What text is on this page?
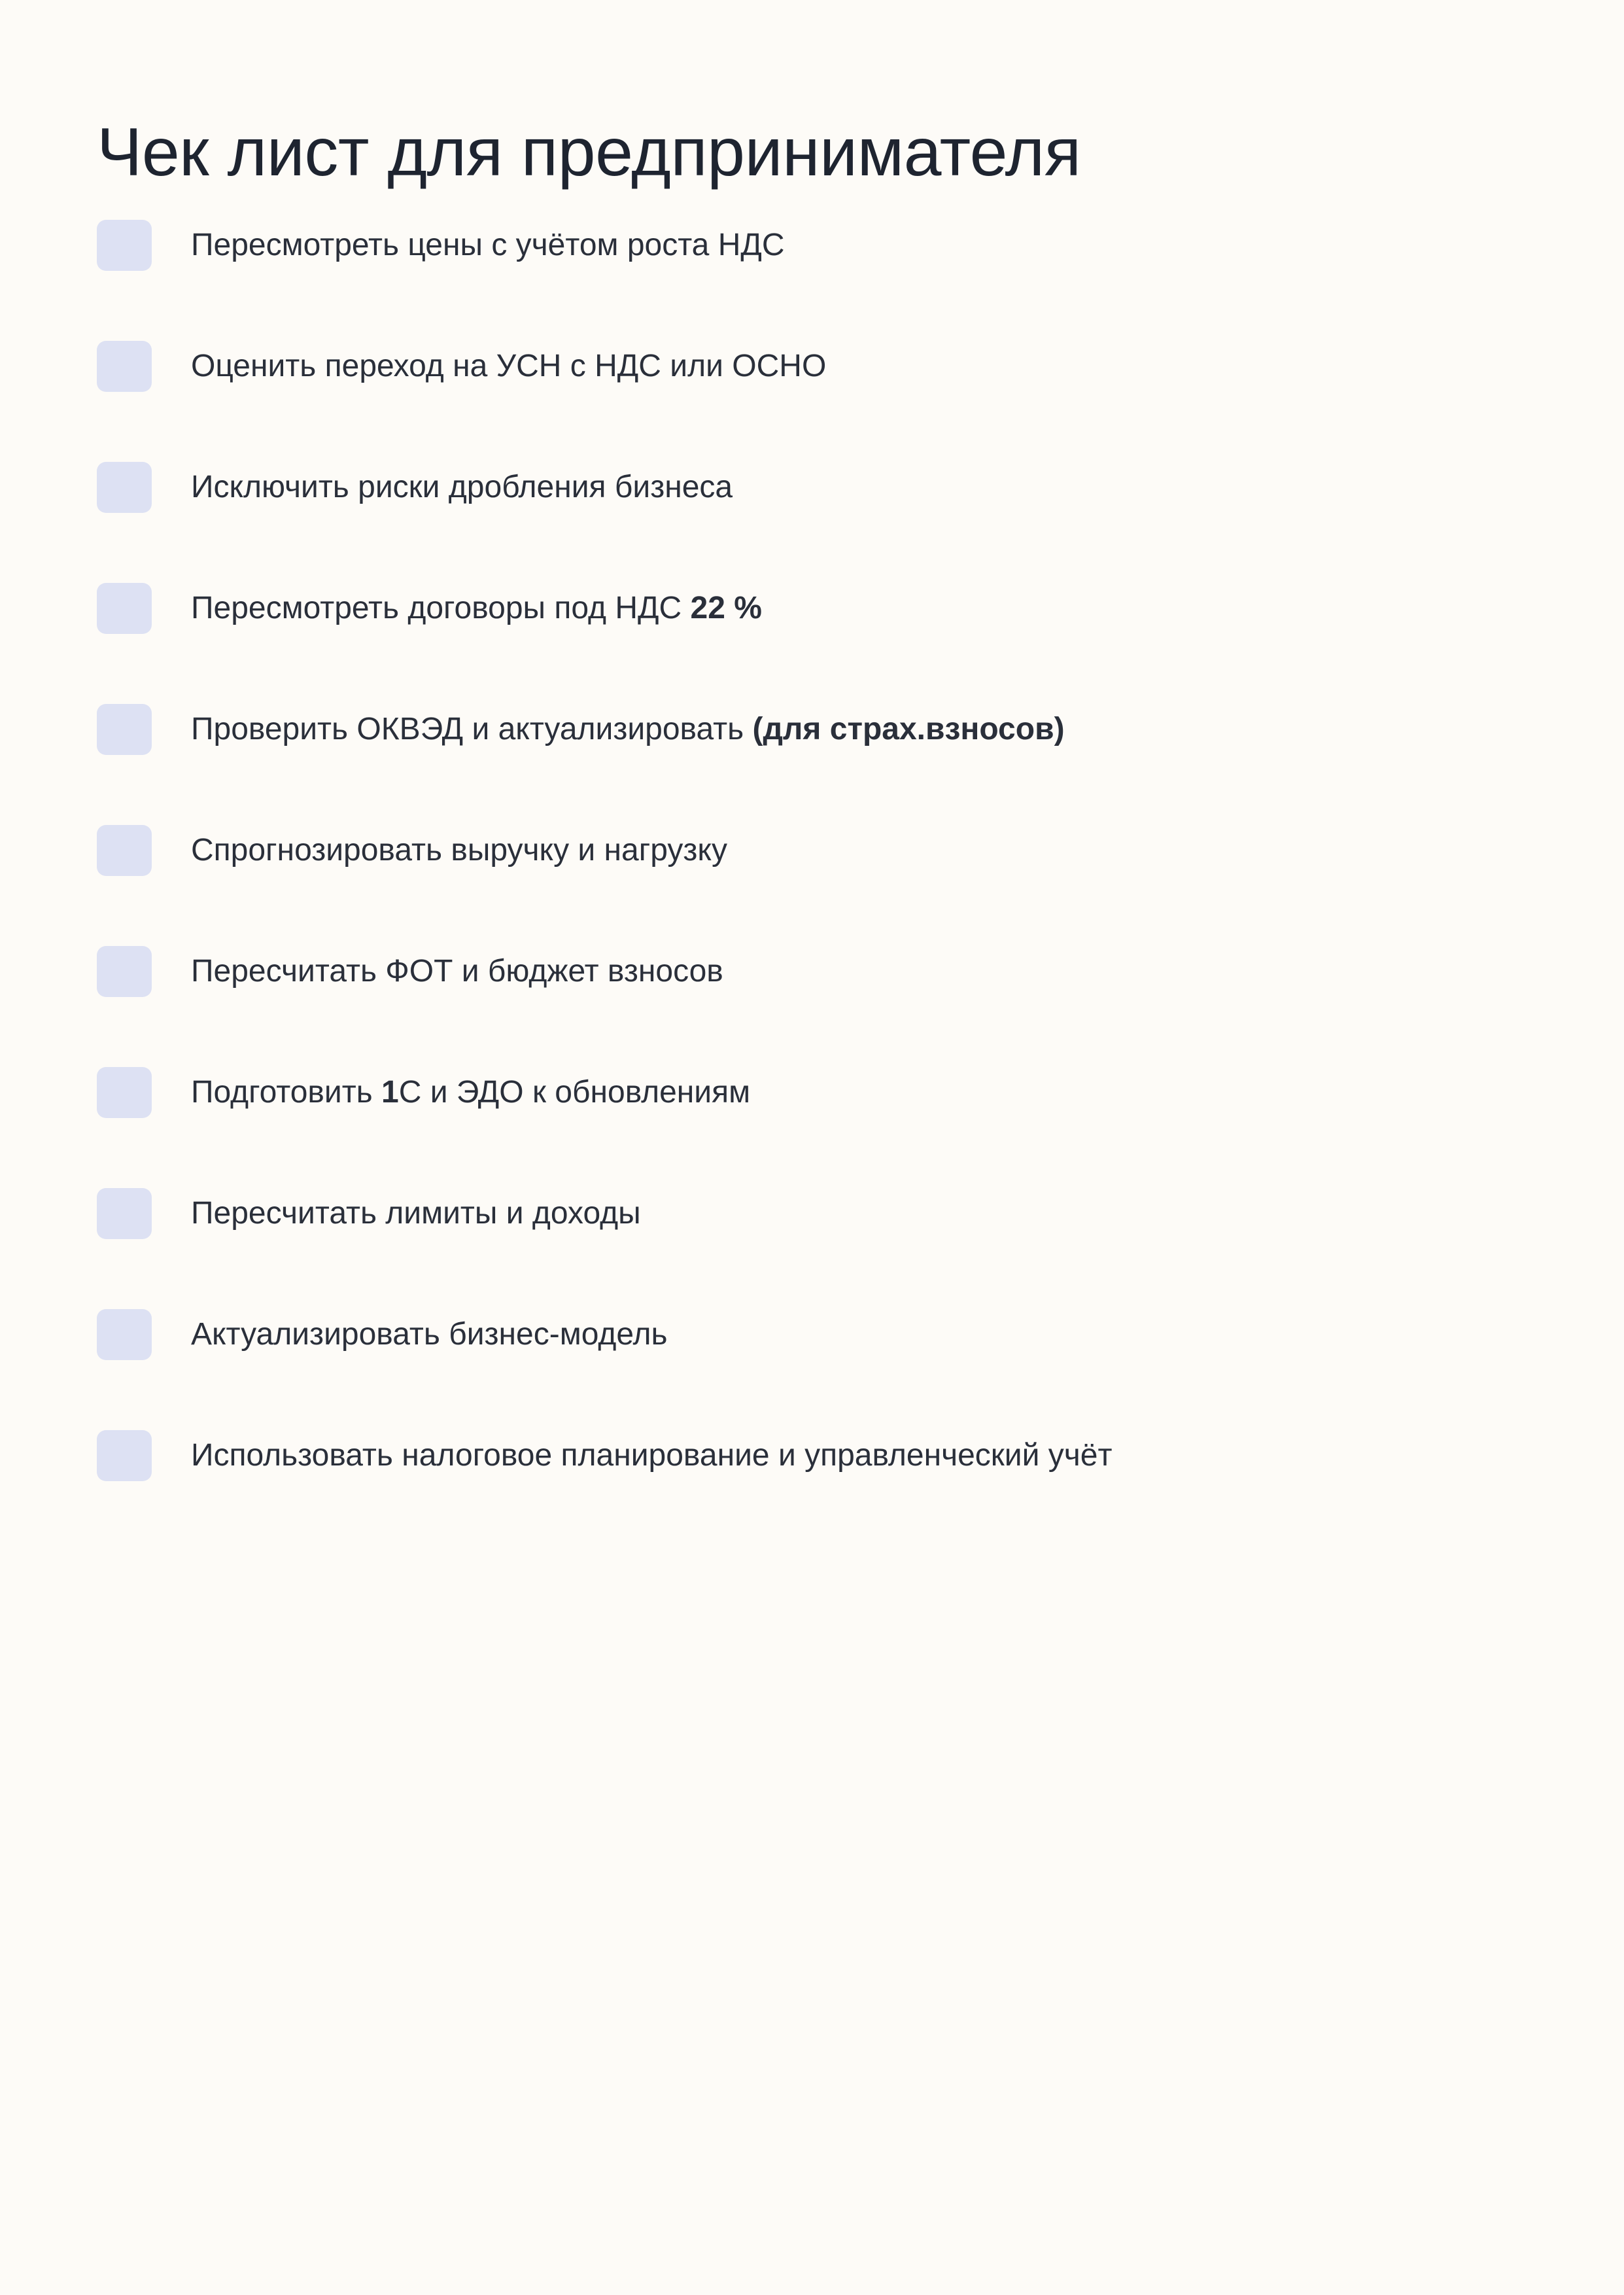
Чек лист для предпринимателя
Пересмотреть цены с учётом роста НДС
Оценить переход на УСН с НДС или ОСНО
Исключить риски дробления бизнеса
Пересмотреть договоры под НДС 22 %
Проверить ОКВЭД и актуализировать (для страх.взносов)
Спрогнозировать выручку и нагрузку
Пересчитать ФОТ и бюджет взносов
Подготовить 1С и ЭДО к обновлениям
Пересчитать лимиты и доходы
Актуализировать бизнес-модель
Использовать налоговое планирование и управленческий учёт
